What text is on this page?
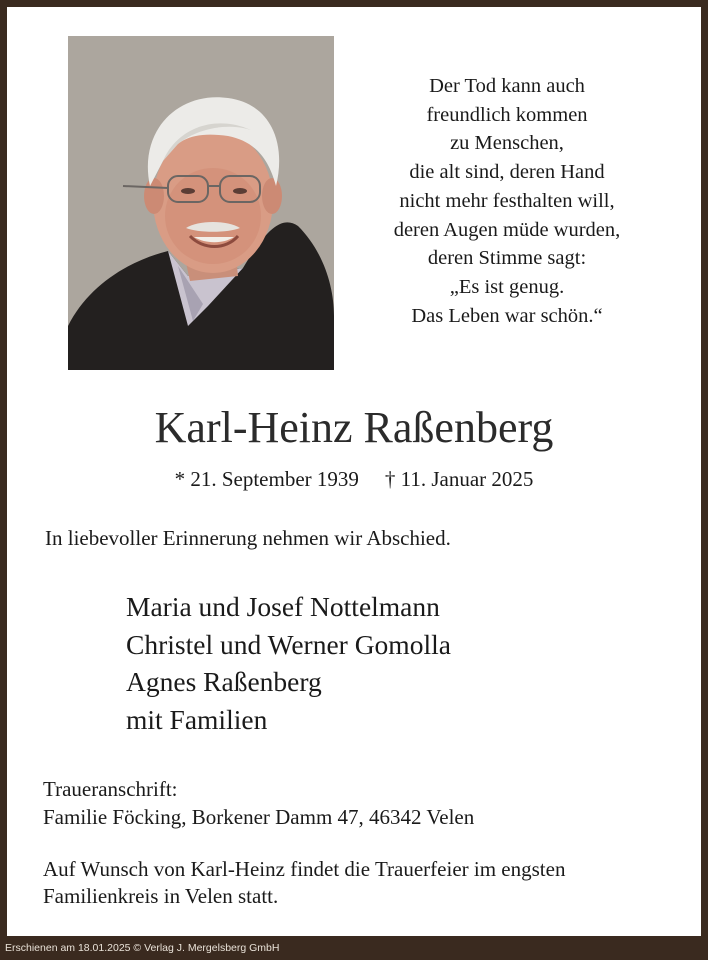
Der Tod kann auch
freundlich kommen
zu Menschen,
die alt sind, deren Hand
nicht mehr festhalten will,
deren Augen müde wurden,
deren Stimme sagt:
„Es ist genug.
Das Leben war schön.“
Karl-Heinz Raßenberg
* 21. September 1939 † 11. Januar 2025
In liebevoller Erinnerung nehmen wir Abschied.
Maria und Josef Nottelmann
Christel und Werner Gomolla
Agnes Raßenberg
mit Familien
Traueranschrift:
Familie Föcking, Borkener Damm 47, 46342 Velen
Auf Wunsch von Karl-Heinz findet die Trauerfeier im engsten
Familienkreis in Velen statt.
Erschienen am 18.01.2025 © Verlag J. Mergelsberg GmbH
